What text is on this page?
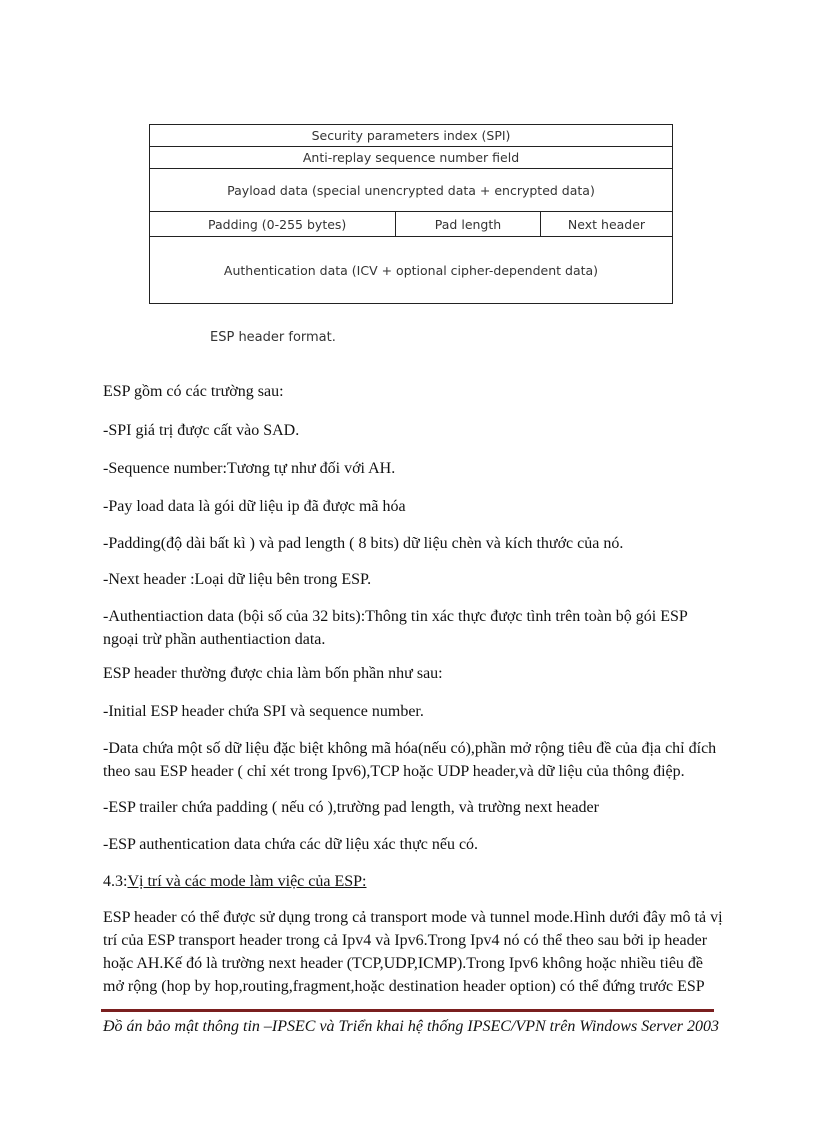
Security parameters index (SPI)
Anti-replay sequence number field
Payload data (special unencrypted data + encrypted data)
Padding (0-255 bytes)	Pad length	Next header
Authentication data (ICV + optional cipher-dependent data)
ESP header format.

ESP gồm có các trường sau:

-SPI giá trị được cất vào SAD.

-Sequence number:Tương tự như đối với AH.

-Pay load data là gói dữ liệu ip đã được mã hóa

-Padding(độ dài bất kì ) và pad length ( 8 bits) dữ liệu chèn và kích thước của nó.

-Next header :Loại dữ liệu bên trong ESP.

-Authentiaction data (bội số của 32 bits):Thông tin xác thực được tình trên toàn bộ gói ESP ngoại trừ phần authentiaction data.

ESP header thường được chia làm bốn phần như sau:

-Initial ESP header chứa SPI và sequence number.

-Data chứa một số dữ liệu đặc biệt không mã hóa(nếu có),phần mở rộng tiêu đề của địa chỉ đích theo sau ESP header ( chỉ xét trong Ipv6),TCP hoặc UDP header,và dữ liệu của thông điệp.

-ESP trailer chứa padding ( nếu có ),trường pad length, và trường next header

-ESP authentication data chứa các dữ liệu xác thực nếu có.

4.3:Vị trí và các mode làm việc của ESP:

ESP header có thể được sử dụng trong cả transport mode và tunnel mode.Hình dưới đây mô tả vị trí của ESP transport header trong cả Ipv4 và Ipv6.Trong Ipv4 nó có thể theo sau bởi ip header hoặc AH.Kế đó là trường next header (TCP,UDP,ICMP).Trong Ipv6 không hoặc nhiều tiêu đề mở rộng (hop by hop,routing,fragment,hoặc destination header option) có thể đứng trước ESP

Đồ án bảo mật thông tin –IPSEC và Triển khai hệ thống IPSEC/VPN trên Windows Server 2003
